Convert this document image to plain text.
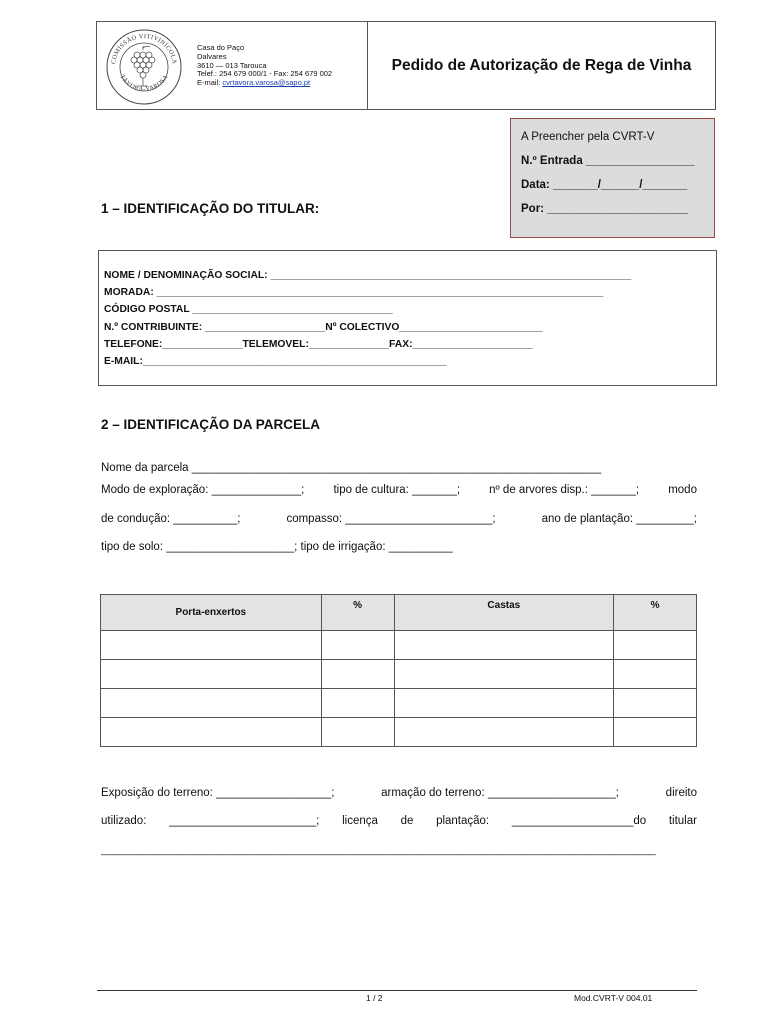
COMISSÃO VITIVINÍCOLA
TÁVORA-VAROSA
Casa do Paço
Dalvares
3610 — 013 Tarouca
Telef.: 254 679 000/1 - Fax: 254 679 002
E-mail: cvrtavora.varosa@sapo.pt
Pedido de Autorização de Rega de Vinha
A Preencher pela CVRT-V
N.º Entrada _________________
Data: _______/______/_______
Por: ______________________
1 – IDENTIFICAÇÃO DO TITULAR:
NOME / DENOMINAÇÃO SOCIAL: _______________________________________________________________
MORADA: ______________________________________________________________________________
CÓDIGO POSTAL ___________________________________
N.º CONTRIBUINTE: _____________________Nº COLECTIVO_________________________
TELEFONE:______________TELEMOVEL:______________FAX:_____________________
E-MAIL:_____________________________________________________
2 – IDENTIFICAÇÃO DA PARCELA
Nome da parcela ________________________________________________________________
Modo de exploração: ______________;	tipo de cultura: _______;	nº de arvores disp.: _______;	modo
de condução: __________;	compasso: _______________________;	ano de plantação: _________;
tipo de solo: ____________________; tipo de irrigação: __________
Porta-enxertos	%	Castas	%

Exposição do terreno: __________________;	armação do terreno: ____________________;	direito
utilizado: _______________________; licença de plantação: ___________________do titular
_______________________________________________________________________________________________
1 / 2	Mod.CVRT-V 004.01
